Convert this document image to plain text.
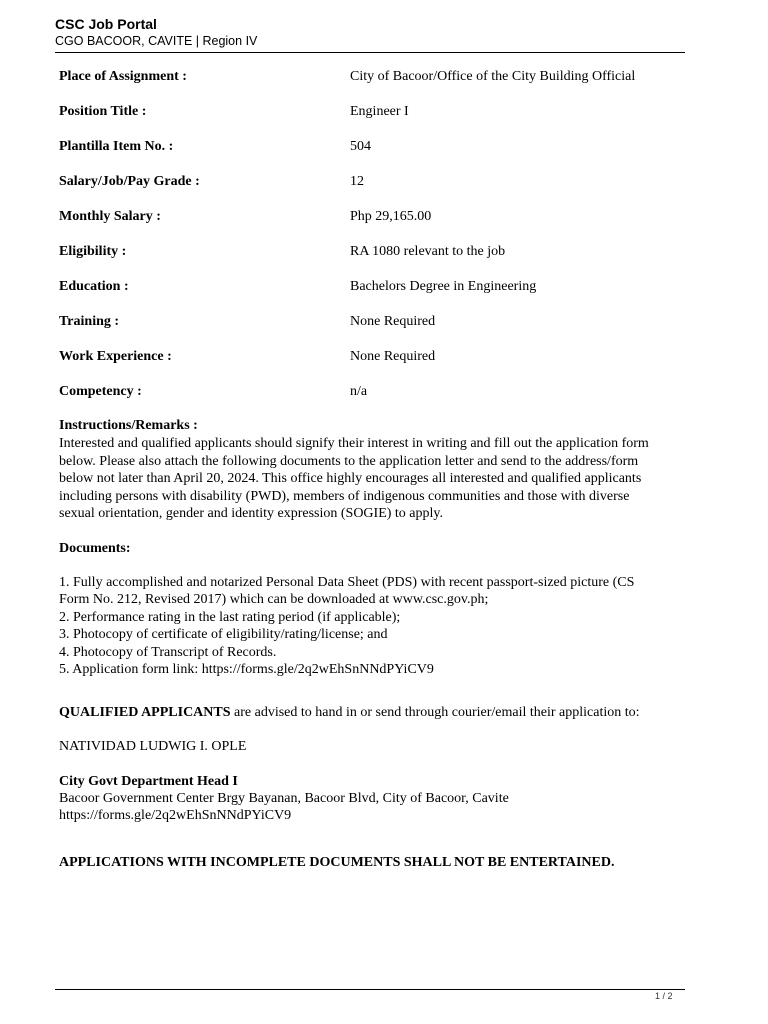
CSC Job Portal
CGO BACOOR, CAVITE | Region IV
Place of Assignment :	City of Bacoor/Office of the City Building Official
Position Title :	Engineer I
Plantilla Item No. :	504
Salary/Job/Pay Grade :	12
Monthly Salary :	Php 29,165.00
Eligibility :	RA 1080 relevant to the job
Education :	Bachelors Degree in Engineering
Training :	None Required
Work Experience :	None Required
Competency :	n/a
Instructions/Remarks :
Interested and qualified applicants should signify their interest in writing and fill out the application form
below. Please also attach the following documents to the application letter and send to the address/form
below not later than April 20, 2024. This office highly encourages all interested and qualified applicants
including persons with disability (PWD), members of indigenous communities and those with diverse
sexual orientation, gender and identity expression (SOGIE) to apply.
Documents:
1. Fully accomplished and notarized Personal Data Sheet (PDS) with recent passport-sized picture (CS
Form No. 212, Revised 2017) which can be downloaded at www.csc.gov.ph;
2. Performance rating in the last rating period (if applicable);
3. Photocopy of certificate of eligibility/rating/license; and
4. Photocopy of Transcript of Records.
5. Application form link: https://forms.gle/2q2wEhSnNNdPYiCV9
QUALIFIED APPLICANTS are advised to hand in or send through courier/email their application to:
NATIVIDAD LUDWIG I. OPLE
City Govt Department Head I
Bacoor Government Center Brgy Bayanan, Bacoor Blvd, City of Bacoor, Cavite
https://forms.gle/2q2wEhSnNNdPYiCV9
APPLICATIONS WITH INCOMPLETE DOCUMENTS SHALL NOT BE ENTERTAINED.
1 / 2
